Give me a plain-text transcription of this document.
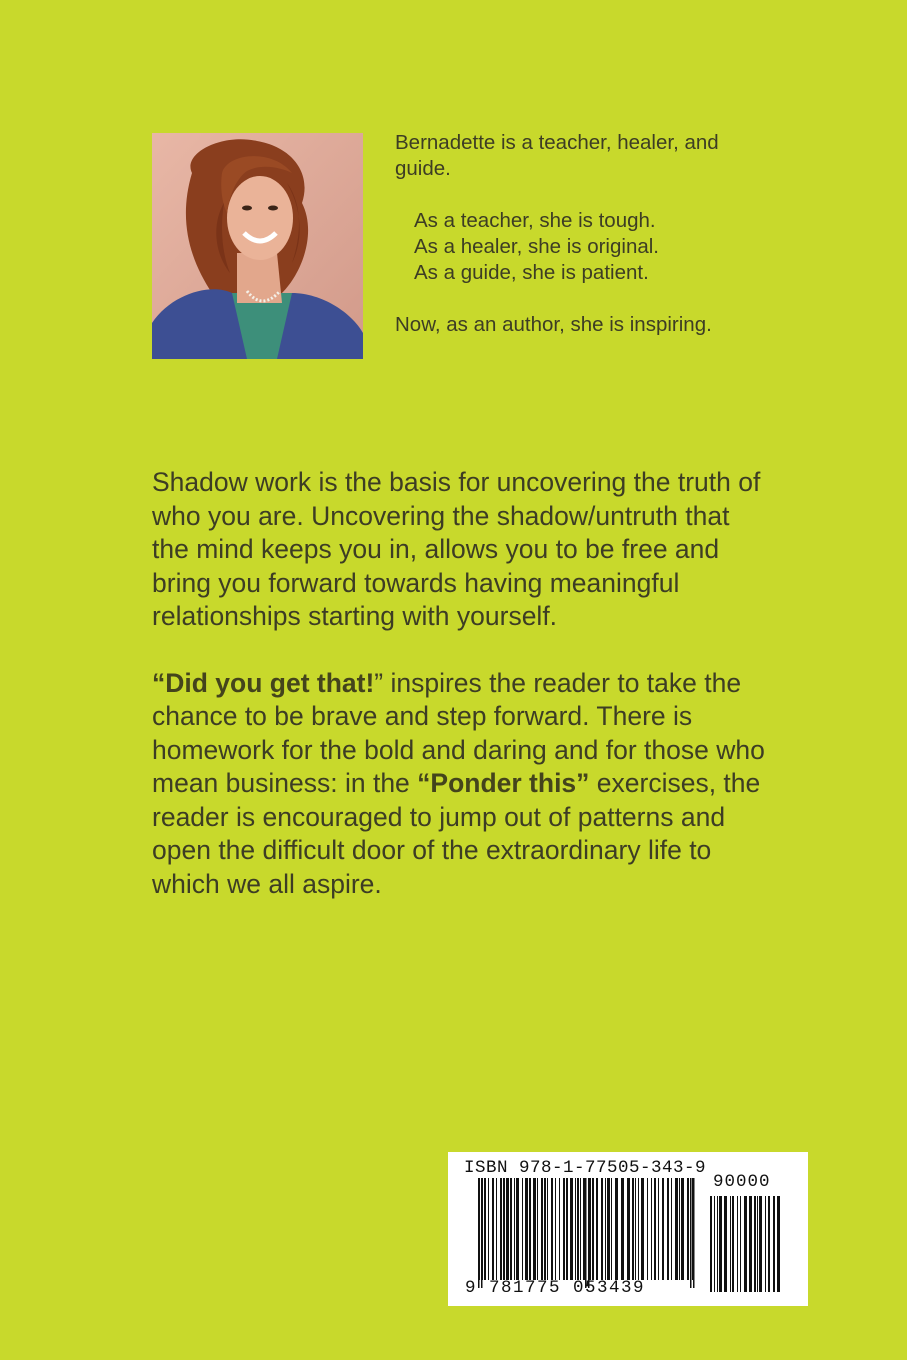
Bernadette is a teacher, healer, and guide.

As a teacher, she is tough.

As a healer, she is original.

As a guide, she is patient.

Now, as an author, she is inspiring.

Shadow work is the basis for uncovering the truth of who you are. Uncovering the shadow/untruth that the mind keeps you in, allows you to be free and bring you forward towards having meaningful relationships starting with yourself.

“Did you get that!” inspires the reader to take the chance to be brave and step forward. There is homework for the bold and daring and for those who mean business: in the “Ponder this” exercises, the reader is encouraged to jump out of patterns and open the difficult door of the extraordinary life to which we all aspire.

ISBN 978-1-77505-343-9
90000
9 781775 053439
